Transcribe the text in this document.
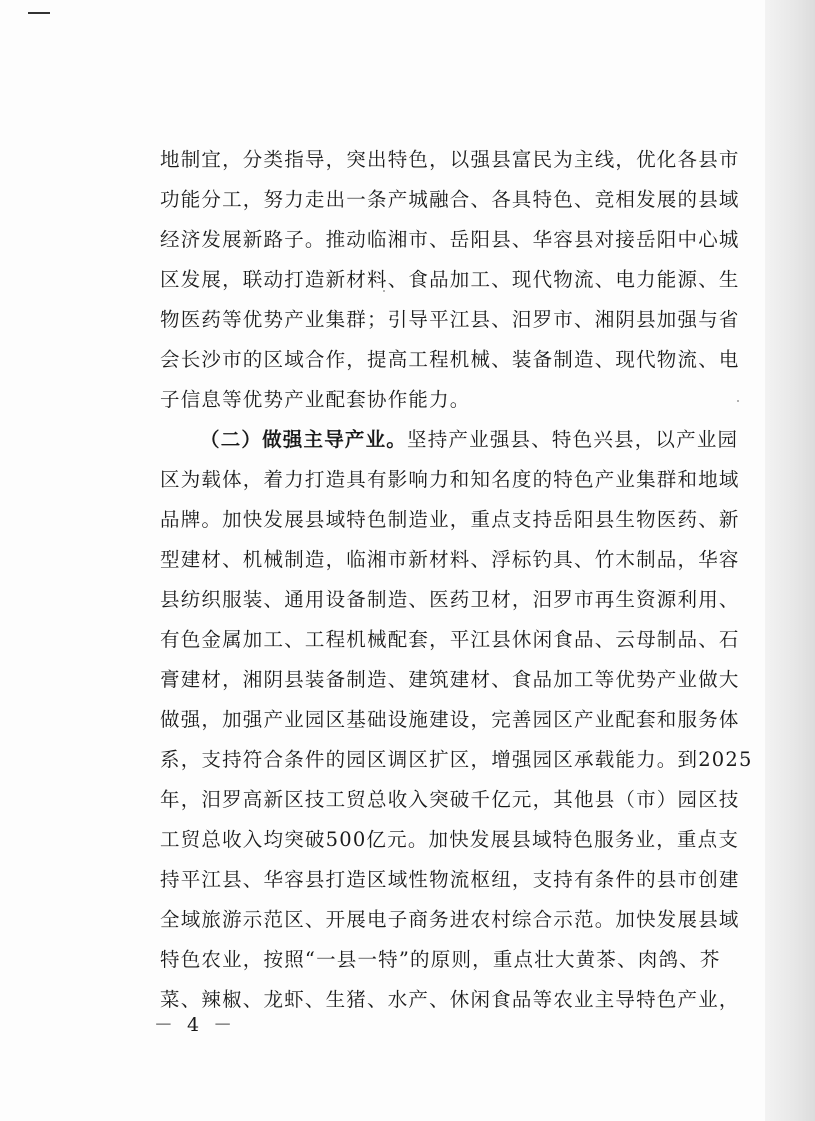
地制宜，分类指导，突出特色，以强县富民为主线，优化各县市
功能分工，努力走出一条产城融合、各具特色、竞相发展的县域
经济发展新路子。推动临湘市、岳阳县、华容县对接岳阳中心城
区发展，联动打造新材料、食品加工、现代物流、电力能源、生
物医药等优势产业集群；引导平江县、汨罗市、湘阴县加强与省
会长沙市的区域合作，提高工程机械、装备制造、现代物流、电
子信息等优势产业配套协作能力。
（二）做强主导产业。坚持产业强县、特色兴县，以产业园
区为载体，着力打造具有影响力和知名度的特色产业集群和地域
品牌。加快发展县域特色制造业，重点支持岳阳县生物医药、新
型建材、机械制造，临湘市新材料、浮标钓具、竹木制品，华容
县纺织服装、通用设备制造、医药卫材，汨罗市再生资源利用、
有色金属加工、工程机械配套，平江县休闲食品、云母制品、石
膏建材，湘阴县装备制造、建筑建材、食品加工等优势产业做大
做强，加强产业园区基础设施建设，完善园区产业配套和服务体
系，支持符合条件的园区调区扩区，增强园区承载能力。到2025
年，汨罗高新区技工贸总收入突破千亿元，其他县（市）园区技
工贸总收入均突破500亿元。加快发展县域特色服务业，重点支
持平江县、华容县打造区域性物流枢纽，支持有条件的县市创建
全域旅游示范区、开展电子商务进农村综合示范。加快发展县域
特色农业，按照“一县一特”的原则，重点壮大黄茶、肉鸽、芥
菜、辣椒、龙虾、生猪、水产、休闲食品等农业主导特色产业，
－ 4 －
